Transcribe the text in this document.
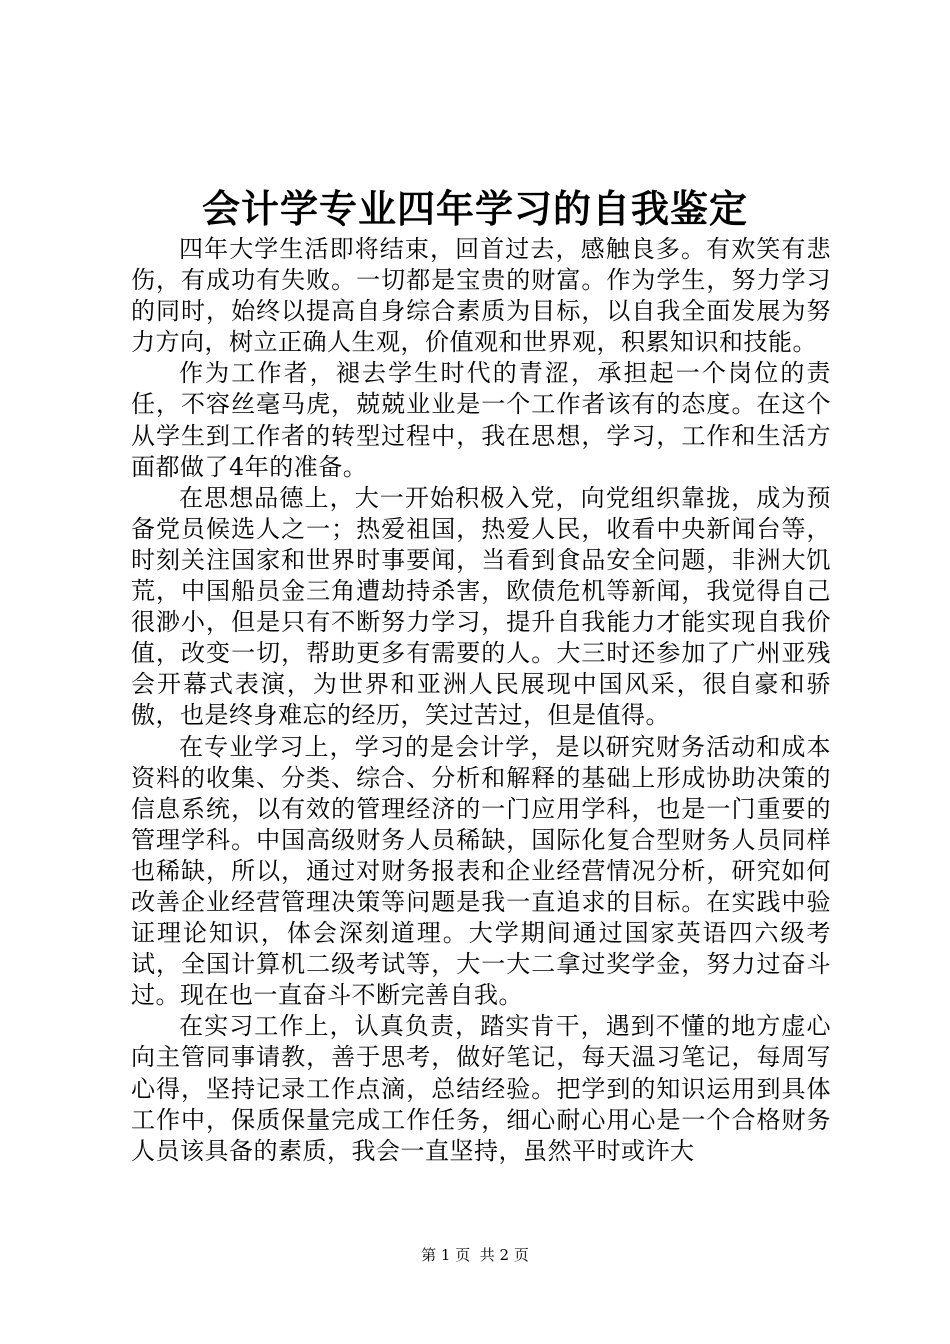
会计学专业四年学习的自我鉴定

四年大学生活即将结束，回首过去，感触良多。有欢笑有悲伤，有成功有失败。一切都是宝贵的财富。作为学生，努力学习的同时，始终以提高自身综合素质为目标，以自我全面发展为努力方向，树立正确人生观，价值观和世界观，积累知识和技能。

作为工作者，褪去学生时代的青涩，承担起一个岗位的责任，不容丝毫马虎，兢兢业业是一个工作者该有的态度。在这个从学生到工作者的转型过程中，我在思想，学习，工作和生活方面都做了4年的准备。

在思想品德上，大一开始积极入党，向党组织靠拢，成为预备党员候选人之一；热爱祖国，热爱人民，收看中央新闻台等，时刻关注国家和世界时事要闻，当看到食品安全问题，非洲大饥荒，中国船员金三角遭劫持杀害，欧债危机等新闻，我觉得自己很渺小，但是只有不断努力学习，提升自我能力才能实现自我价值，改变一切，帮助更多有需要的人。大三时还参加了广州亚残会开幕式表演，为世界和亚洲人民展现中国风采，很自豪和骄傲，也是终身难忘的经历，笑过苦过，但是值得。

在专业学习上，学习的是会计学，是以研究财务活动和成本资料的收集、分类、综合、分析和解释的基础上形成协助决策的信息系统，以有效的管理经济的一门应用学科，也是一门重要的管理学科。中国高级财务人员稀缺，国际化复合型财务人员同样也稀缺，所以，通过对财务报表和企业经营情况分析，研究如何改善企业经营管理决策等问题是我一直追求的目标。在实践中验证理论知识，体会深刻道理。大学期间通过国家英语四六级考试，全国计算机二级考试等，大一大二拿过奖学金，努力过奋斗过。现在也一直奋斗不断完善自我。

在实习工作上，认真负责，踏实肯干，遇到不懂的地方虚心向主管同事请教，善于思考，做好笔记，每天温习笔记，每周写心得，坚持记录工作点滴，总结经验。把学到的知识运用到具体工作中，保质保量完成工作任务，细心耐心用心是一个合格财务人员该具备的素质，我会一直坚持，虽然平时或许大

第 1 页  共 2 页
